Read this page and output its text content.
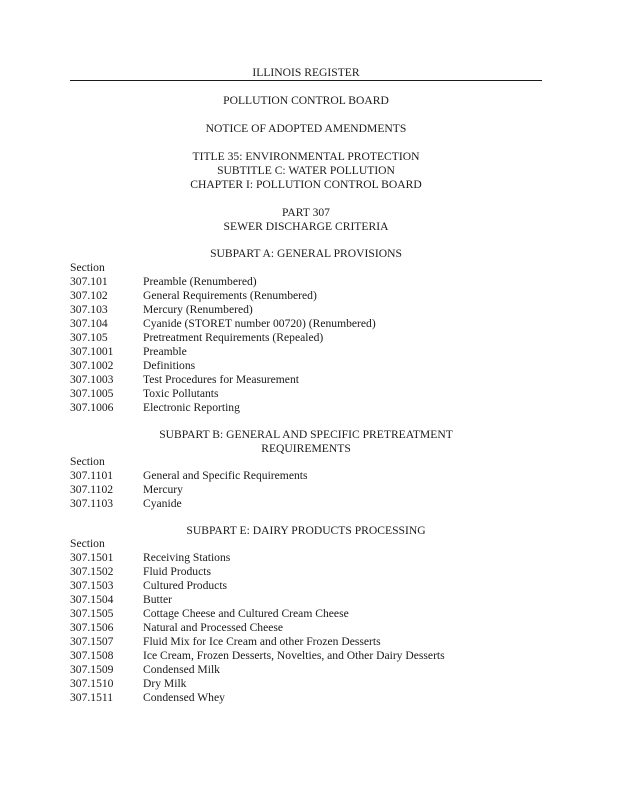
ILLINOIS REGISTER
POLLUTION CONTROL BOARD
NOTICE OF ADOPTED AMENDMENTS
TITLE 35: ENVIRONMENTAL PROTECTION
SUBTITLE C: WATER POLLUTION
CHAPTER I: POLLUTION CONTROL BOARD
PART 307
SEWER DISCHARGE CRITERIA
SUBPART A: GENERAL PROVISIONS
Section
307.101	Preamble (Renumbered)
307.102	General Requirements (Renumbered)
307.103	Mercury (Renumbered)
307.104	Cyanide (STORET number 00720) (Renumbered)
307.105	Pretreatment Requirements (Repealed)
307.1001	Preamble
307.1002	Definitions
307.1003	Test Procedures for Measurement
307.1005	Toxic Pollutants
307.1006	Electronic Reporting
SUBPART B: GENERAL AND SPECIFIC PRETREATMENT
REQUIREMENTS
Section
307.1101	General and Specific Requirements
307.1102	Mercury
307.1103	Cyanide
SUBPART E: DAIRY PRODUCTS PROCESSING
Section
307.1501	Receiving Stations
307.1502	Fluid Products
307.1503	Cultured Products
307.1504	Butter
307.1505	Cottage Cheese and Cultured Cream Cheese
307.1506	Natural and Processed Cheese
307.1507	Fluid Mix for Ice Cream and other Frozen Desserts
307.1508	Ice Cream, Frozen Desserts, Novelties, and Other Dairy Desserts
307.1509	Condensed Milk
307.1510	Dry Milk
307.1511	Condensed Whey
